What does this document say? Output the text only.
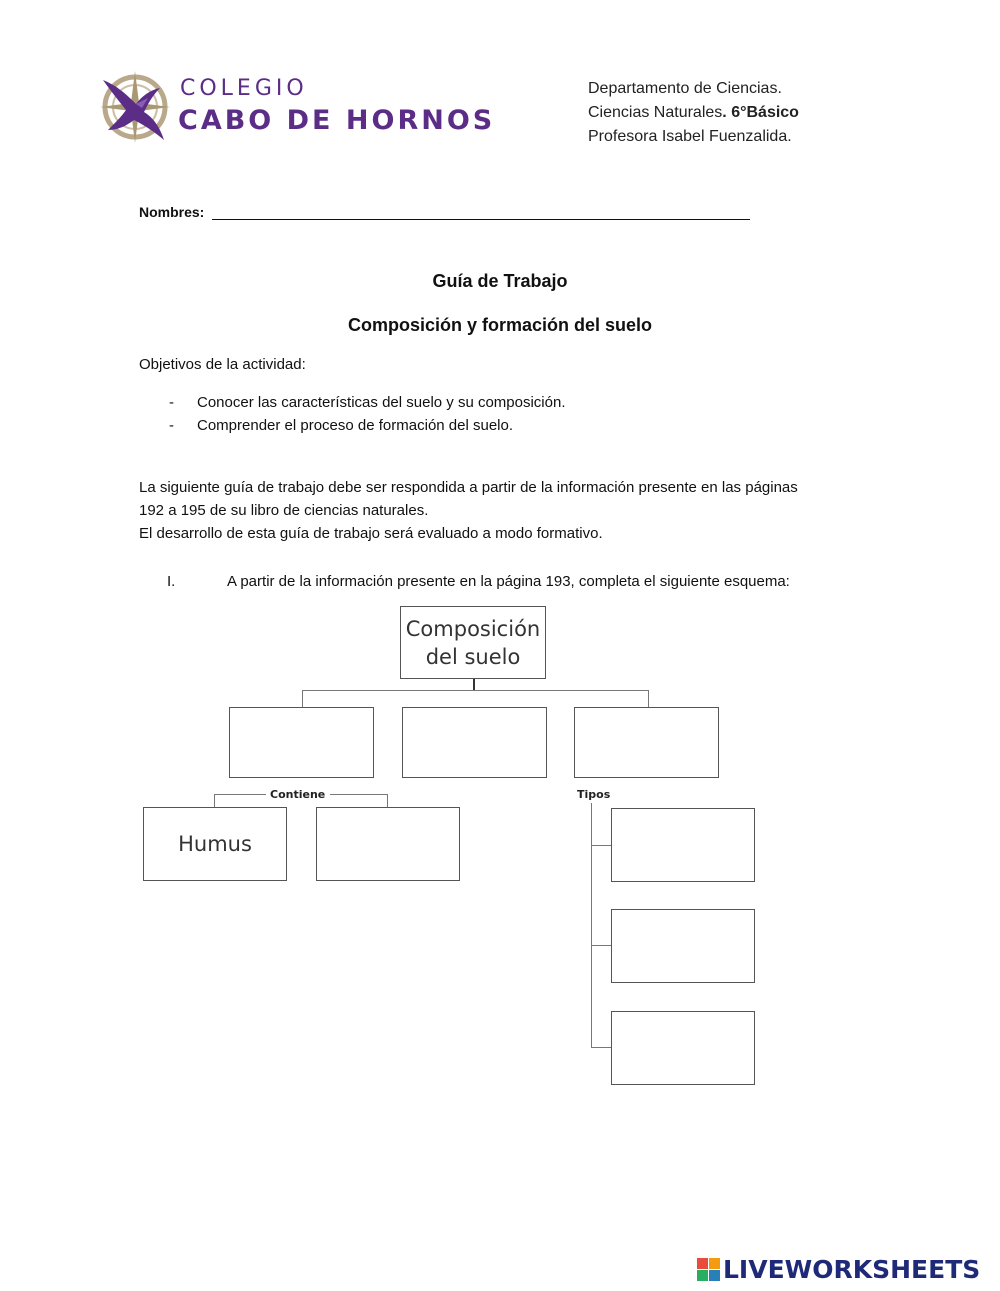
COLEGIO
CABO DE HORNOS
Departamento de Ciencias.
Ciencias Naturales. 6°Básico
Profesora Isabel Fuenzalida.
Nombres:
Guía de Trabajo
Composición y formación del suelo
Objetivos de la actividad:
- Conocer las características del suelo y su composición.
- Comprender el proceso de formación del suelo.
La siguiente guía de trabajo debe ser respondida a partir de la información presente en las páginas
192 a 195 de su libro de ciencias naturales.
El desarrollo de esta guía de trabajo será evaluado a modo formativo.
I.	A partir de la información presente en la página 193, completa el siguiente esquema:
Composición
del suelo
Contiene
Humus
Tipos
LIVEWORKSHEETS
